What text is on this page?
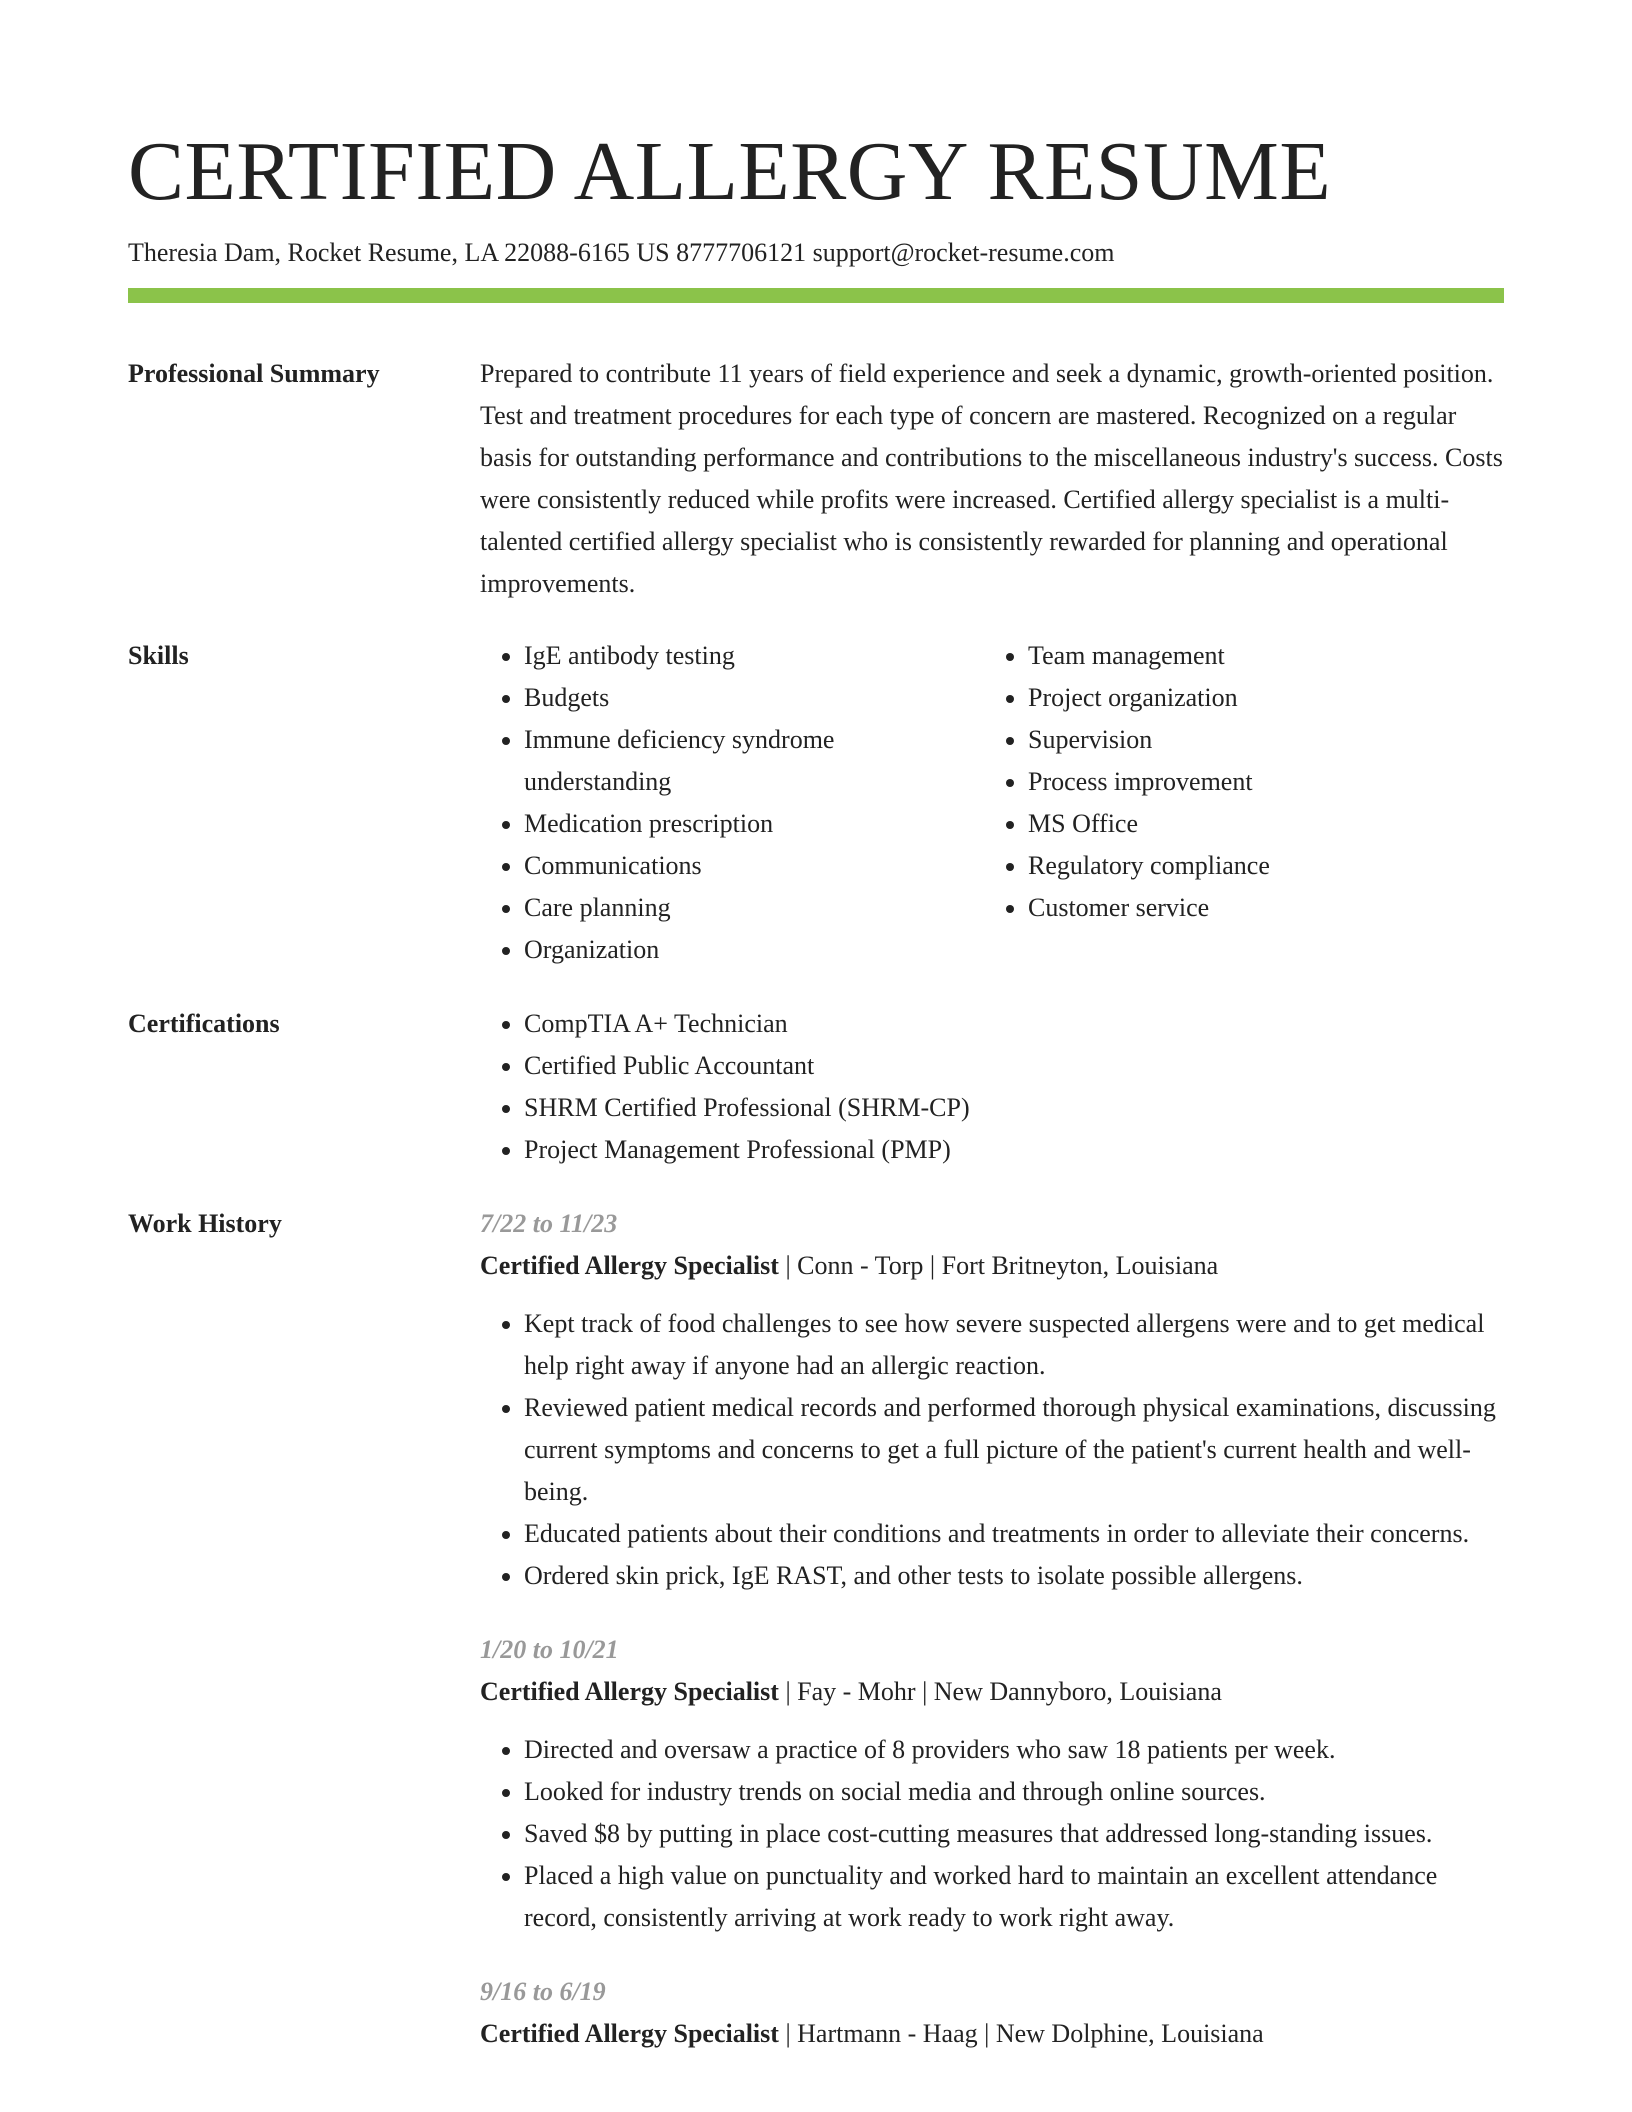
CERTIFIED ALLERGY RESUME
Theresia Dam, Rocket Resume, LA 22088-6165 US 8777706121 support@rocket-resume.com
Professional Summary	Prepared to contribute 11 years of field experience and seek a dynamic, growth-oriented position. Test and treatment procedures for each type of concern are mastered. Recognized on a regular basis for outstanding performance and contributions to the miscellaneous industry's success. Costs were consistently reduced while profits were increased. Certified allergy specialist is a multi-talented certified allergy specialist who is consistently rewarded for planning and operational improvements.
Skills	• IgE antibody testing
• Budgets
• Immune deficiency syndrome understanding
• Medication prescription
• Communications
• Care planning
• Organization
• Team management
• Project organization
• Supervision
• Process improvement
• MS Office
• Regulatory compliance
• Customer service
Certifications	• CompTIA A+ Technician
• Certified Public Accountant
• SHRM Certified Professional (SHRM-CP)
• Project Management Professional (PMP)
Work History	7/22 to 11/23
Certified Allergy Specialist | Conn - Torp | Fort Britneyton, Louisiana
• Kept track of food challenges to see how severe suspected allergens were and to get medical help right away if anyone had an allergic reaction.
• Reviewed patient medical records and performed thorough physical examinations, discussing current symptoms and concerns to get a full picture of the patient's current health and well-being.
• Educated patients about their conditions and treatments in order to alleviate their concerns.
• Ordered skin prick, IgE RAST, and other tests to isolate possible allergens.
1/20 to 10/21
Certified Allergy Specialist | Fay - Mohr | New Dannyboro, Louisiana
• Directed and oversaw a practice of 8 providers who saw 18 patients per week.
• Looked for industry trends on social media and through online sources.
• Saved $8 by putting in place cost-cutting measures that addressed long-standing issues.
• Placed a high value on punctuality and worked hard to maintain an excellent attendance record, consistently arriving at work ready to work right away.
9/16 to 6/19
Certified Allergy Specialist | Hartmann - Haag | New Dolphine, Louisiana
